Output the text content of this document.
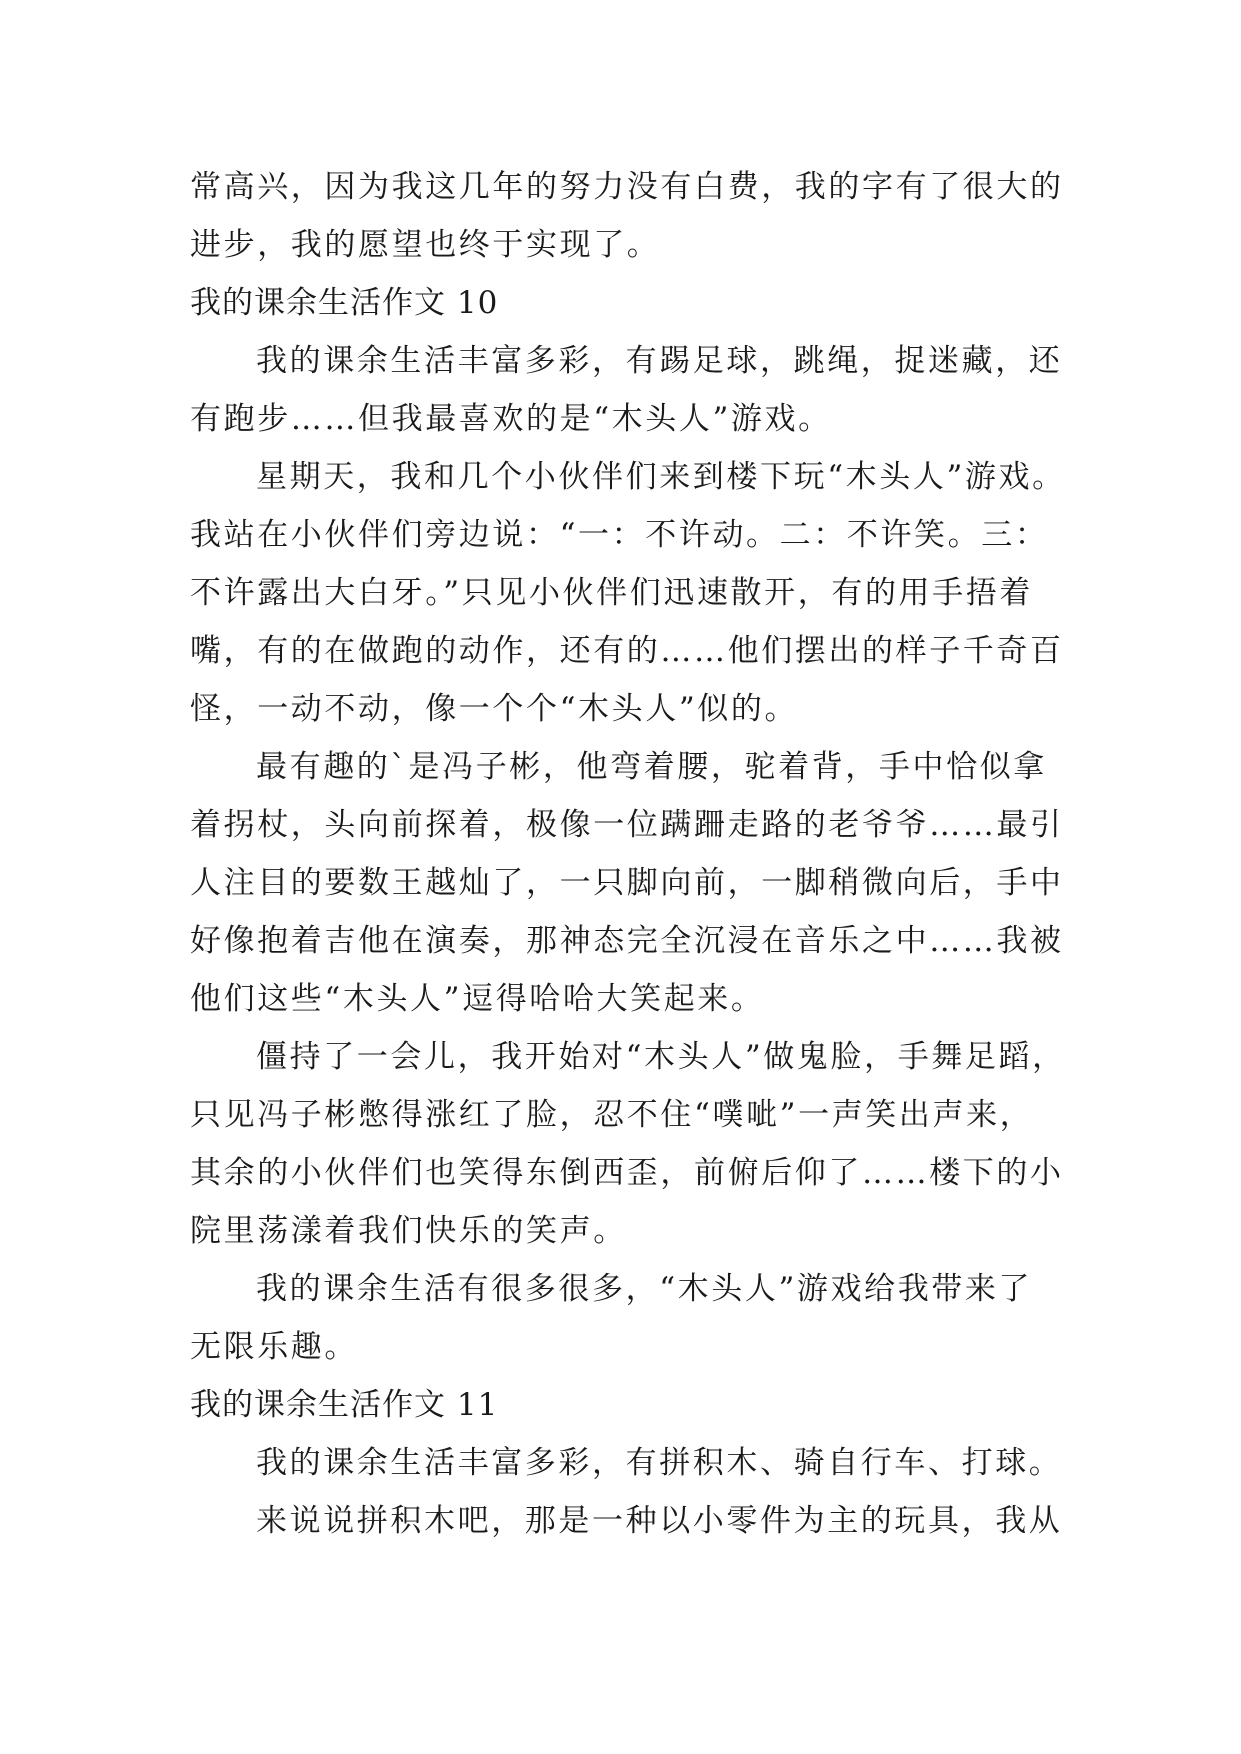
常高兴，因为我这几年的努力没有白费，我的字有了很大的
进步，我的愿望也终于实现了。
我的课余生活作文 10
我的课余生活丰富多彩，有踢足球，跳绳，捉迷藏，还
有跑步……但我最喜欢的是“木头人”游戏。
星期天，我和几个小伙伴们来到楼下玩“木头人”游戏。
我站在小伙伴们旁边说：“一：不许动。二：不许笑。三：
不许露出大白牙。”只见小伙伴们迅速散开，有的用手捂着
嘴，有的在做跑的动作，还有的……他们摆出的样子千奇百
怪，一动不动，像一个个“木头人”似的。
最有趣的`是冯子彬，他弯着腰，驼着背，手中恰似拿
着拐杖，头向前探着，极像一位蹒跚走路的老爷爷……最引
人注目的要数王越灿了，一只脚向前，一脚稍微向后，手中
好像抱着吉他在演奏，那神态完全沉浸在音乐之中……我被
他们这些“木头人”逗得哈哈大笑起来。
僵持了一会儿，我开始对“木头人”做鬼脸，手舞足蹈，
只见冯子彬憋得涨红了脸，忍不住“噗呲”一声笑出声来，
其余的小伙伴们也笑得东倒西歪，前俯后仰了……楼下的小
院里荡漾着我们快乐的笑声。
我的课余生活有很多很多，“木头人”游戏给我带来了
无限乐趣。
我的课余生活作文 11
我的课余生活丰富多彩，有拼积木、骑自行车、打球。
来说说拼积木吧，那是一种以小零件为主的玩具，我从
